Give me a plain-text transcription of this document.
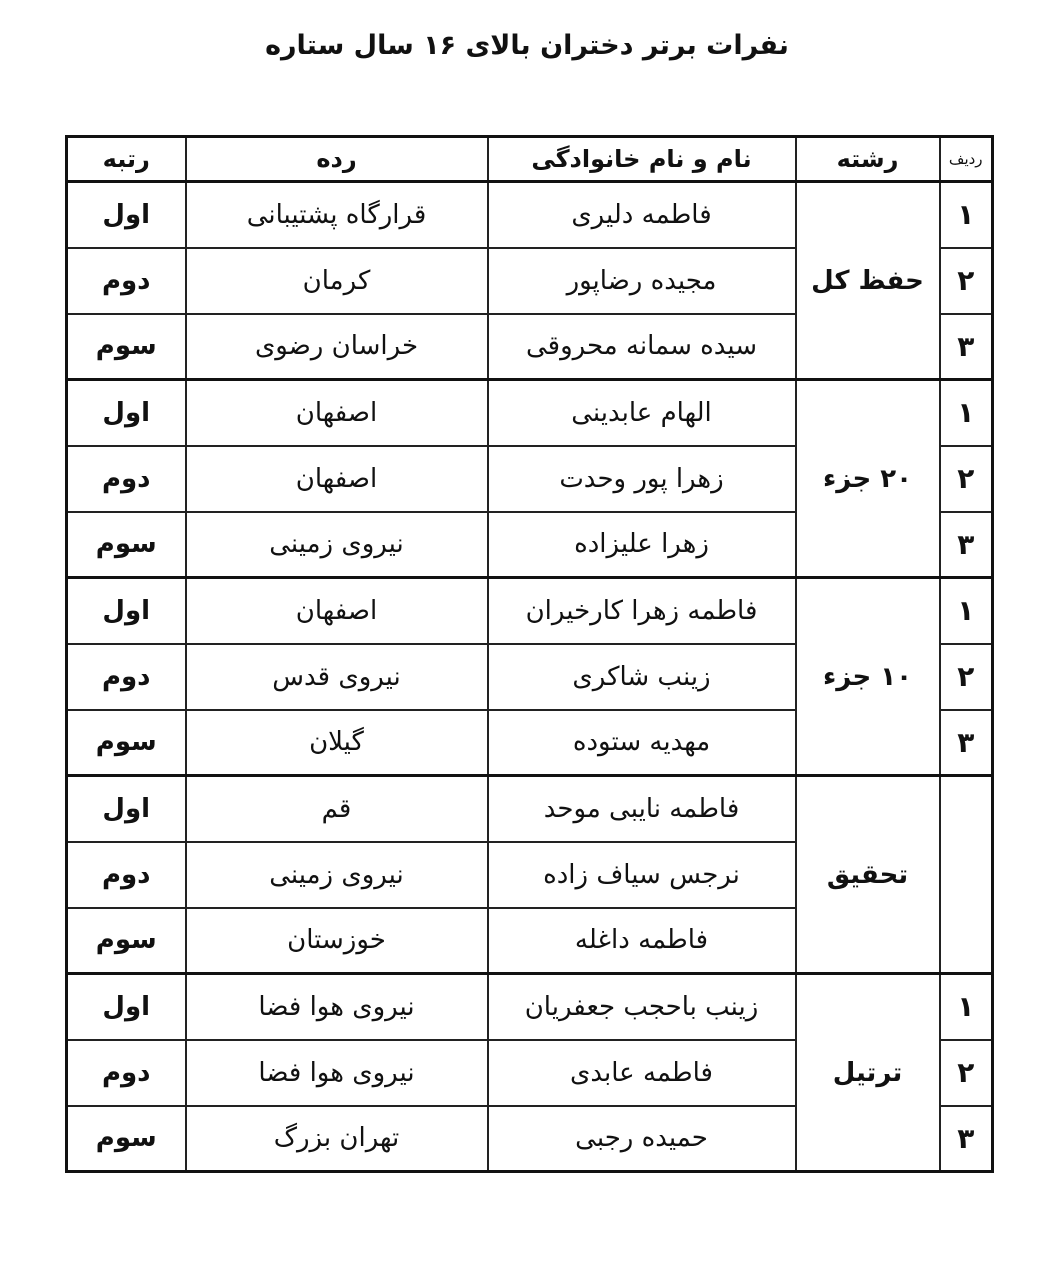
نفرات برتر دختران بالای ۱۶ سال ستاره
ردیف	رشته	نام و نام خانوادگی	رده	رتبه
۱	حفظ کل	فاطمه دلیری	قرارگاه پشتیبانی	اول
۲		مجیده رضاپور	کرمان	دوم
۳		سیده سمانه محروقی	خراسان رضوی	سوم
۱	۲۰ جزء	الهام عابدینی	اصفهان	اول
۲		زهرا پور وحدت	اصفهان	دوم
۳		زهرا علیزاده	نیروی زمینی	سوم
۱	۱۰ جزء	فاطمه زهرا کارخیران	اصفهان	اول
۲		زینب شاکری	نیروی قدس	دوم
۳		مهدیه ستوده	گیلان	سوم
	تحقیق	فاطمه نایبی موحد	قم	اول
		نرجس سیاف زاده	نیروی زمینی	دوم
		فاطمه داغله	خوزستان	سوم
۱	ترتیل	زینب باحجب جعفریان	نیروی هوا فضا	اول
۲		فاطمه عابدی	نیروی هوا فضا	دوم
۳		حمیده رجبی	تهران بزرگ	سوم
